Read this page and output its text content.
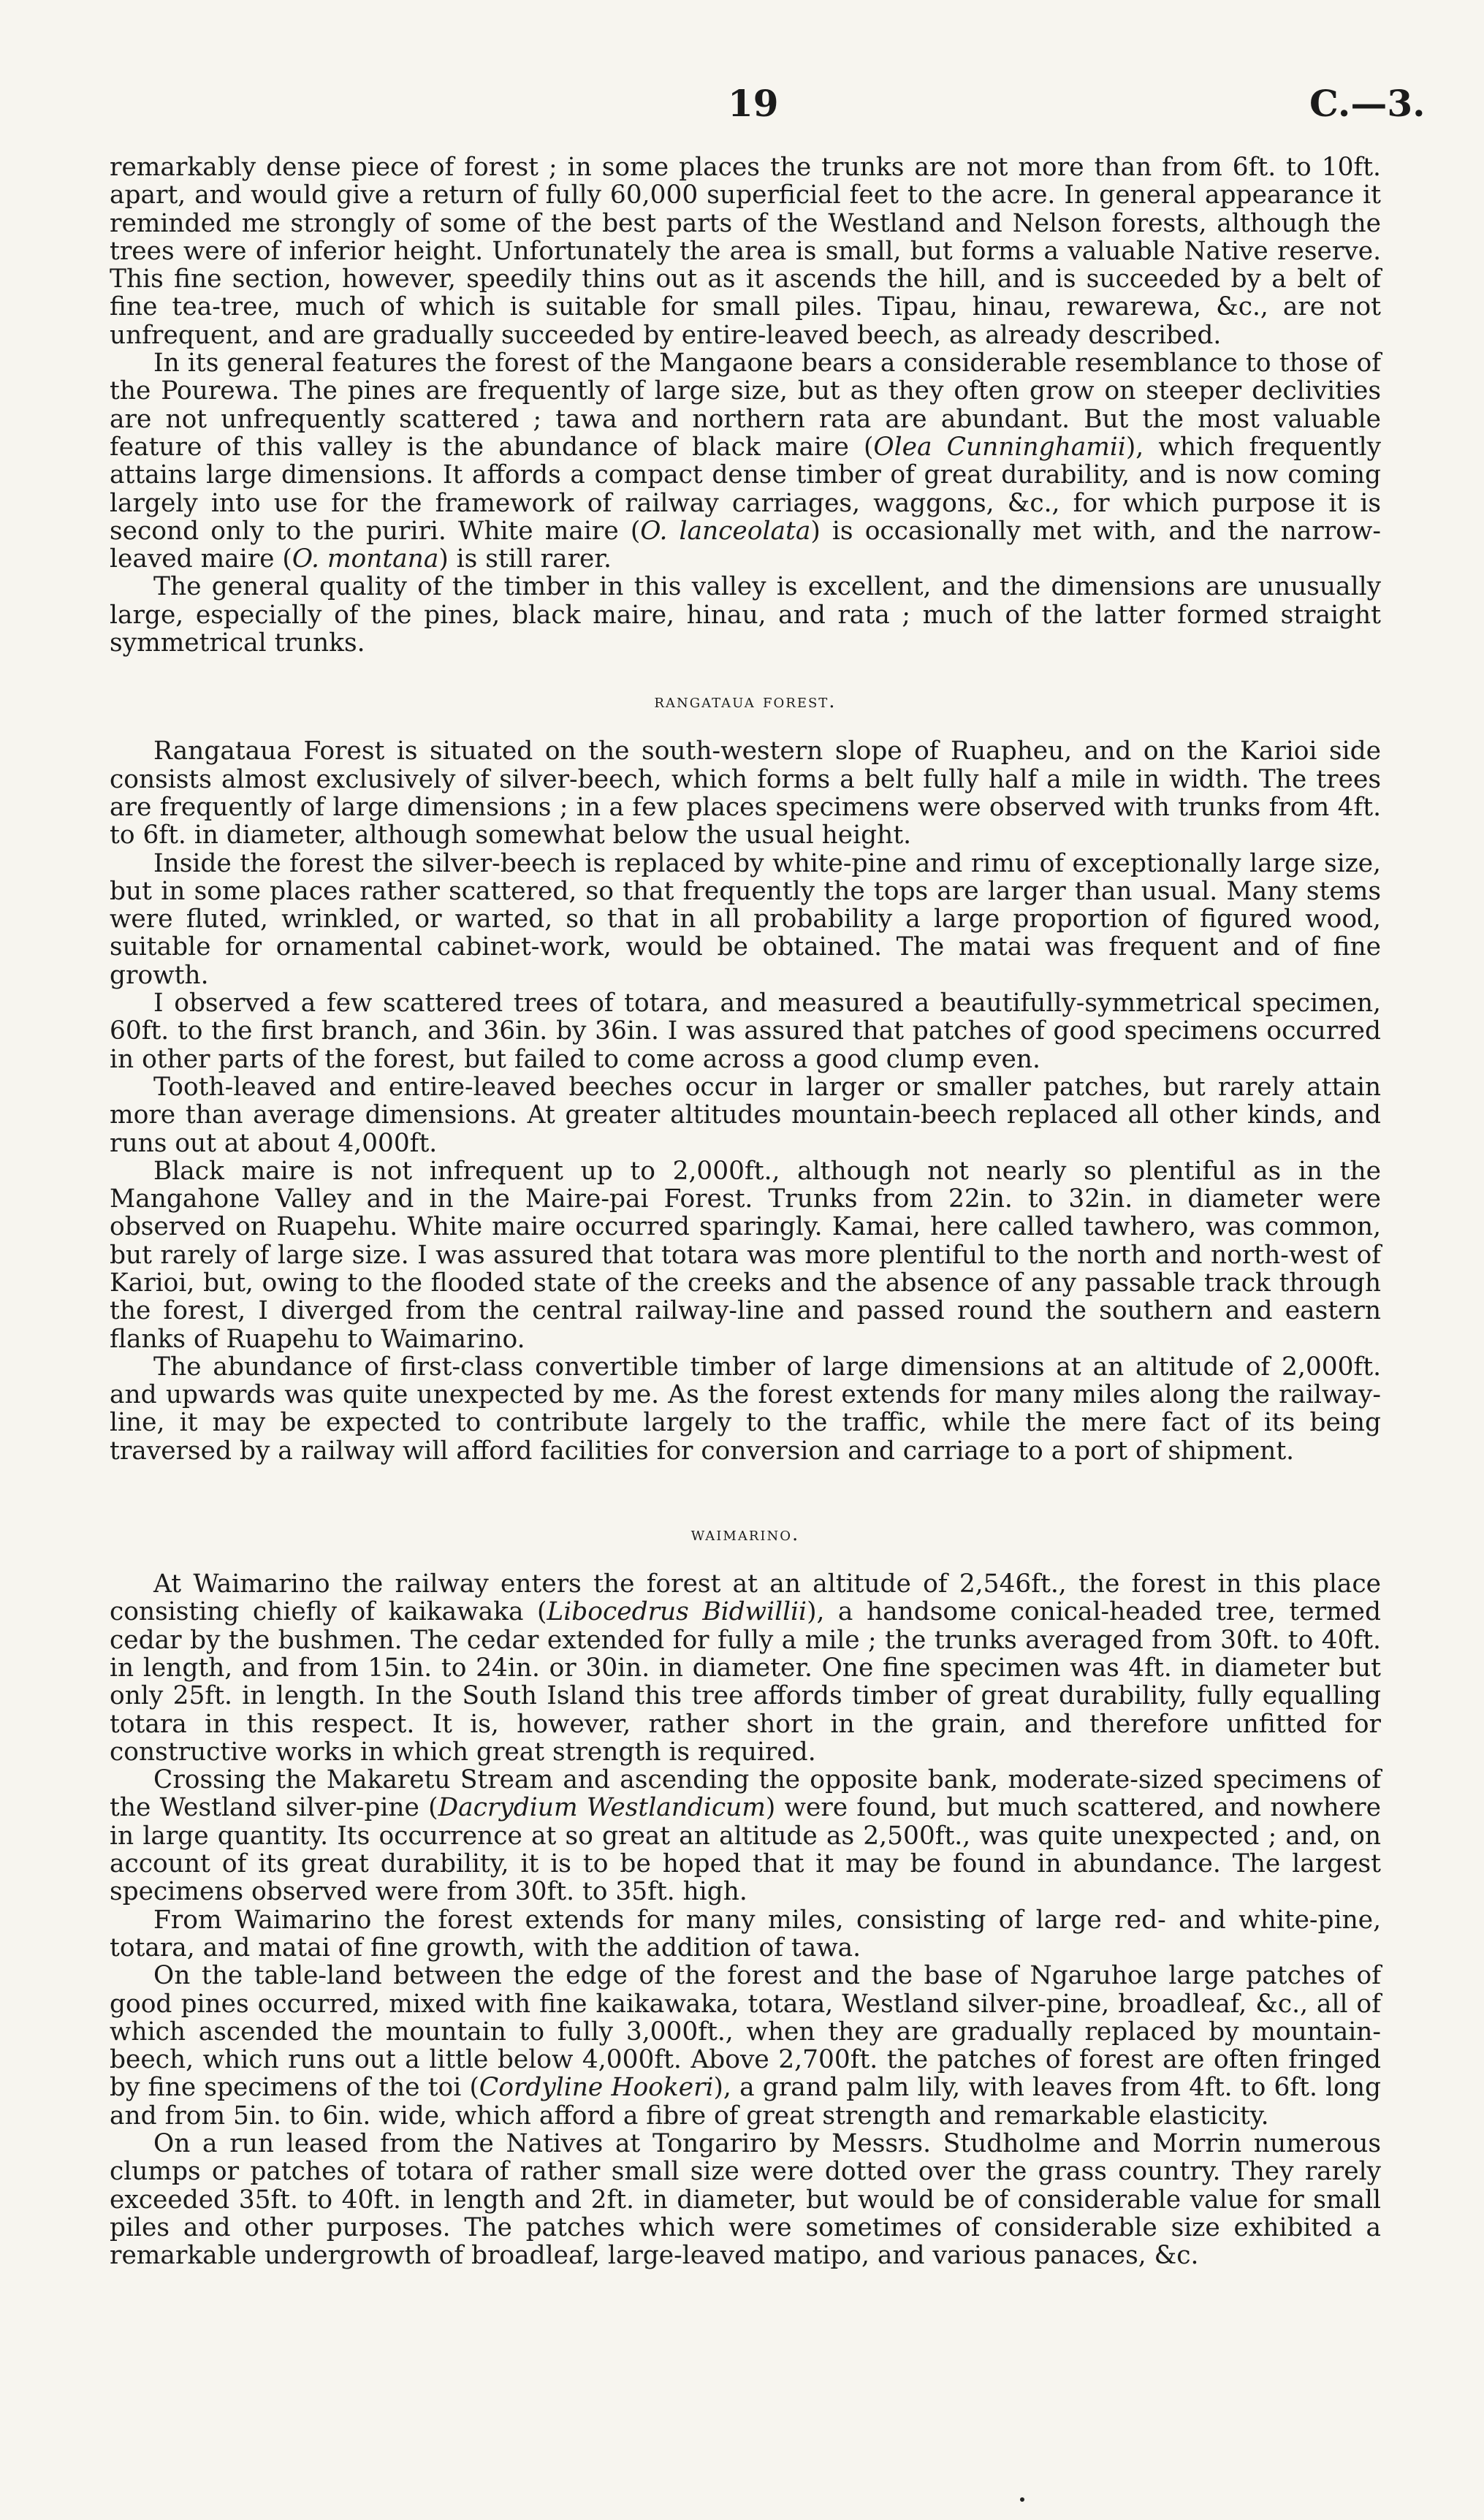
19	C.—3.

remarkably dense piece of forest ; in some places the trunks are not more than from 6ft. to 10ft. apart, and would give a return of fully 60,000 superficial feet to the acre. In general appearance it reminded me strongly of some of the best parts of the Westland and Nelson forests, although the trees were of inferior height. Unfortunately the area is small, but forms a valuable Native reserve. This fine section, however, speedily thins out as it ascends the hill, and is succeeded by a belt of fine tea-tree, much of which is suitable for small piles. Tipau, hinau, rewarewa, &c., are not unfrequent, and are gradually succeeded by entire-leaved beech, as already described.

In its general features the forest of the Mangaone bears a considerable resemblance to those of the Pourewa. The pines are frequently of large size, but as they often grow on steeper declivities are not unfrequently scattered ; tawa and northern rata are abundant. But the most valuable feature of this valley is the abundance of black maire (Olea Cunninghamii), which frequently attains large dimensions. It affords a compact dense timber of great durability, and is now coming largely into use for the framework of railway carriages, waggons, &c., for which purpose it is second only to the puriri. White maire (O. lanceolata) is occasionally met with, and the narrow-leaved maire (O. montana) is still rarer.

The general quality of the timber in this valley is excellent, and the dimensions are unusually large, especially of the pines, black maire, hinau, and rata ; much of the latter formed straight symmetrical trunks.

rangataua forest.

Rangataua Forest is situated on the south-western slope of Ruapheu, and on the Karioi side consists almost exclusively of silver-beech, which forms a belt fully half a mile in width. The trees are frequently of large dimensions ; in a few places specimens were observed with trunks from 4ft. to 6ft. in diameter, although somewhat below the usual height.

Inside the forest the silver-beech is replaced by white-pine and rimu of exceptionally large size, but in some places rather scattered, so that frequently the tops are larger than usual. Many stems were fluted, wrinkled, or warted, so that in all probability a large proportion of figured wood, suitable for ornamental cabinet-work, would be obtained. The matai was frequent and of fine growth.

I observed a few scattered trees of totara, and measured a beautifully-symmetrical specimen, 60ft. to the first branch, and 36in. by 36in. I was assured that patches of good specimens occurred in other parts of the forest, but failed to come across a good clump even.

Tooth-leaved and entire-leaved beeches occur in larger or smaller patches, but rarely attain more than average dimensions. At greater altitudes mountain-beech replaced all other kinds, and runs out at about 4,000ft.

Black maire is not infrequent up to 2,000ft., although not nearly so plentiful as in the Mangahone Valley and in the Maire-pai Forest. Trunks from 22in. to 32in. in diameter were observed on Ruapehu. White maire occurred sparingly. Kamai, here called tawhero, was common, but rarely of large size. I was assured that totara was more plentiful to the north and north-west of Karioi, but, owing to the flooded state of the creeks and the absence of any passable track through the forest, I diverged from the central railway-line and passed round the southern and eastern flanks of Ruapehu to Waimarino.

The abundance of first-class convertible timber of large dimensions at an altitude of 2,000ft. and upwards was quite unexpected by me. As the forest extends for many miles along the railway-line, it may be expected to contribute largely to the traffic, while the mere fact of its being traversed by a railway will afford facilities for conversion and carriage to a port of shipment.

waimarino.

At Waimarino the railway enters the forest at an altitude of 2,546ft., the forest in this place consisting chiefly of kaikawaka (Libocedrus Bidwillii), a handsome conical-headed tree, termed cedar by the bushmen. The cedar extended for fully a mile ; the trunks averaged from 30ft. to 40ft. in length, and from 15in. to 24in. or 30in. in diameter. One fine specimen was 4ft. in diameter but only 25ft. in length. In the South Island this tree affords timber of great durability, fully equalling totara in this respect. It is, however, rather short in the grain, and therefore unfitted for constructive works in which great strength is required.

Crossing the Makaretu Stream and ascending the opposite bank, moderate-sized specimens of the Westland silver-pine (Dacrydium Westlandicum) were found, but much scattered, and nowhere in large quantity. Its occurrence at so great an altitude as 2,500ft., was quite unexpected ; and, on account of its great durability, it is to be hoped that it may be found in abundance. The largest specimens observed were from 30ft. to 35ft. high.

From Waimarino the forest extends for many miles, consisting of large red- and white-pine, totara, and matai of fine growth, with the addition of tawa.

On the table-land between the edge of the forest and the base of Ngaruhoe large patches of good pines occurred, mixed with fine kaikawaka, totara, Westland silver-pine, broadleaf, &c., all of which ascended the mountain to fully 3,000ft., when they are gradually replaced by mountain-beech, which runs out a little below 4,000ft. Above 2,700ft. the patches of forest are often fringed by fine specimens of the toi (Cordyline Hookeri), a grand palm lily, with leaves from 4ft. to 6ft. long and from 5in. to 6in. wide, which afford a fibre of great strength and remarkable elasticity.

On a run leased from the Natives at Tongariro by Messrs. Studholme and Morrin numerous clumps or patches of totara of rather small size were dotted over the grass country. They rarely exceeded 35ft. to 40ft. in length and 2ft. in diameter, but would be of considerable value for small piles and other purposes. The patches which were sometimes of considerable size exhibited a remarkable undergrowth of broadleaf, large-leaved matipo, and various panaces, &c.
